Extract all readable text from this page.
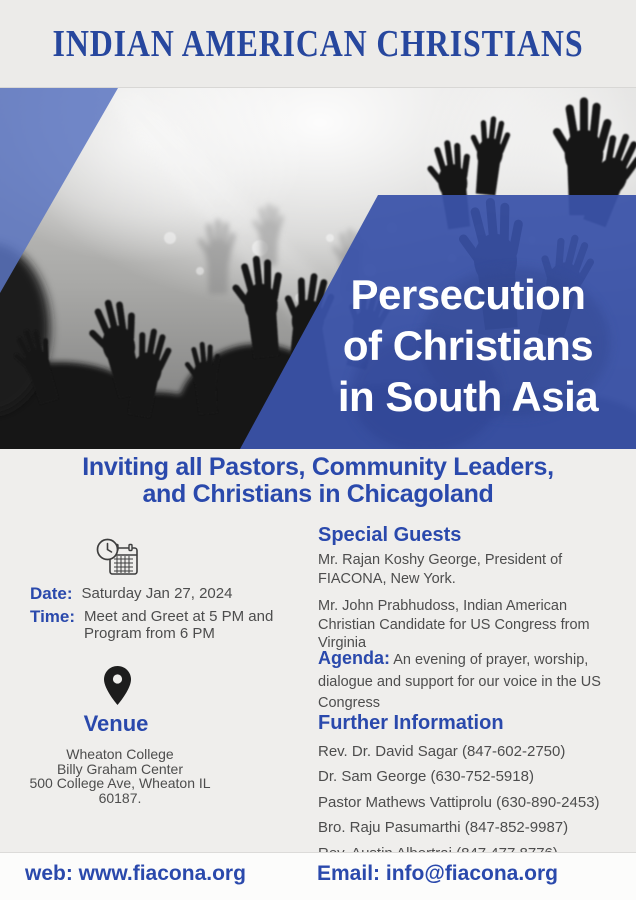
INDIAN AMERICAN CHRISTIANS
Persecution
of Christians
in South Asia
Inviting all Pastors, Community Leaders,
and Christians in Chicagoland
Date: Saturday Jan 27, 2024
Time: Meet and Greet at 5 PM and
Program from 6 PM
Venue
Wheaton College
Billy Graham Center
500 College Ave, Wheaton IL
60187.
Special Guests
Mr. Rajan Koshy George, President of FIACONA, New York.
Mr. John Prabhudoss, Indian American Christian Candidate for US Congress from Virginia
Agenda: An evening of prayer, worship, dialogue and support for our voice in the US Congress
Further Information
Rev. Dr. David Sagar (847-602-2750)
Dr. Sam George (630-752-5918)
Pastor Mathews Vattiprolu (630-890-2453)
Bro. Raju Pasumarthi (847-852-9987)
web: www.fiacona.org	Email: info@fiacona.org
